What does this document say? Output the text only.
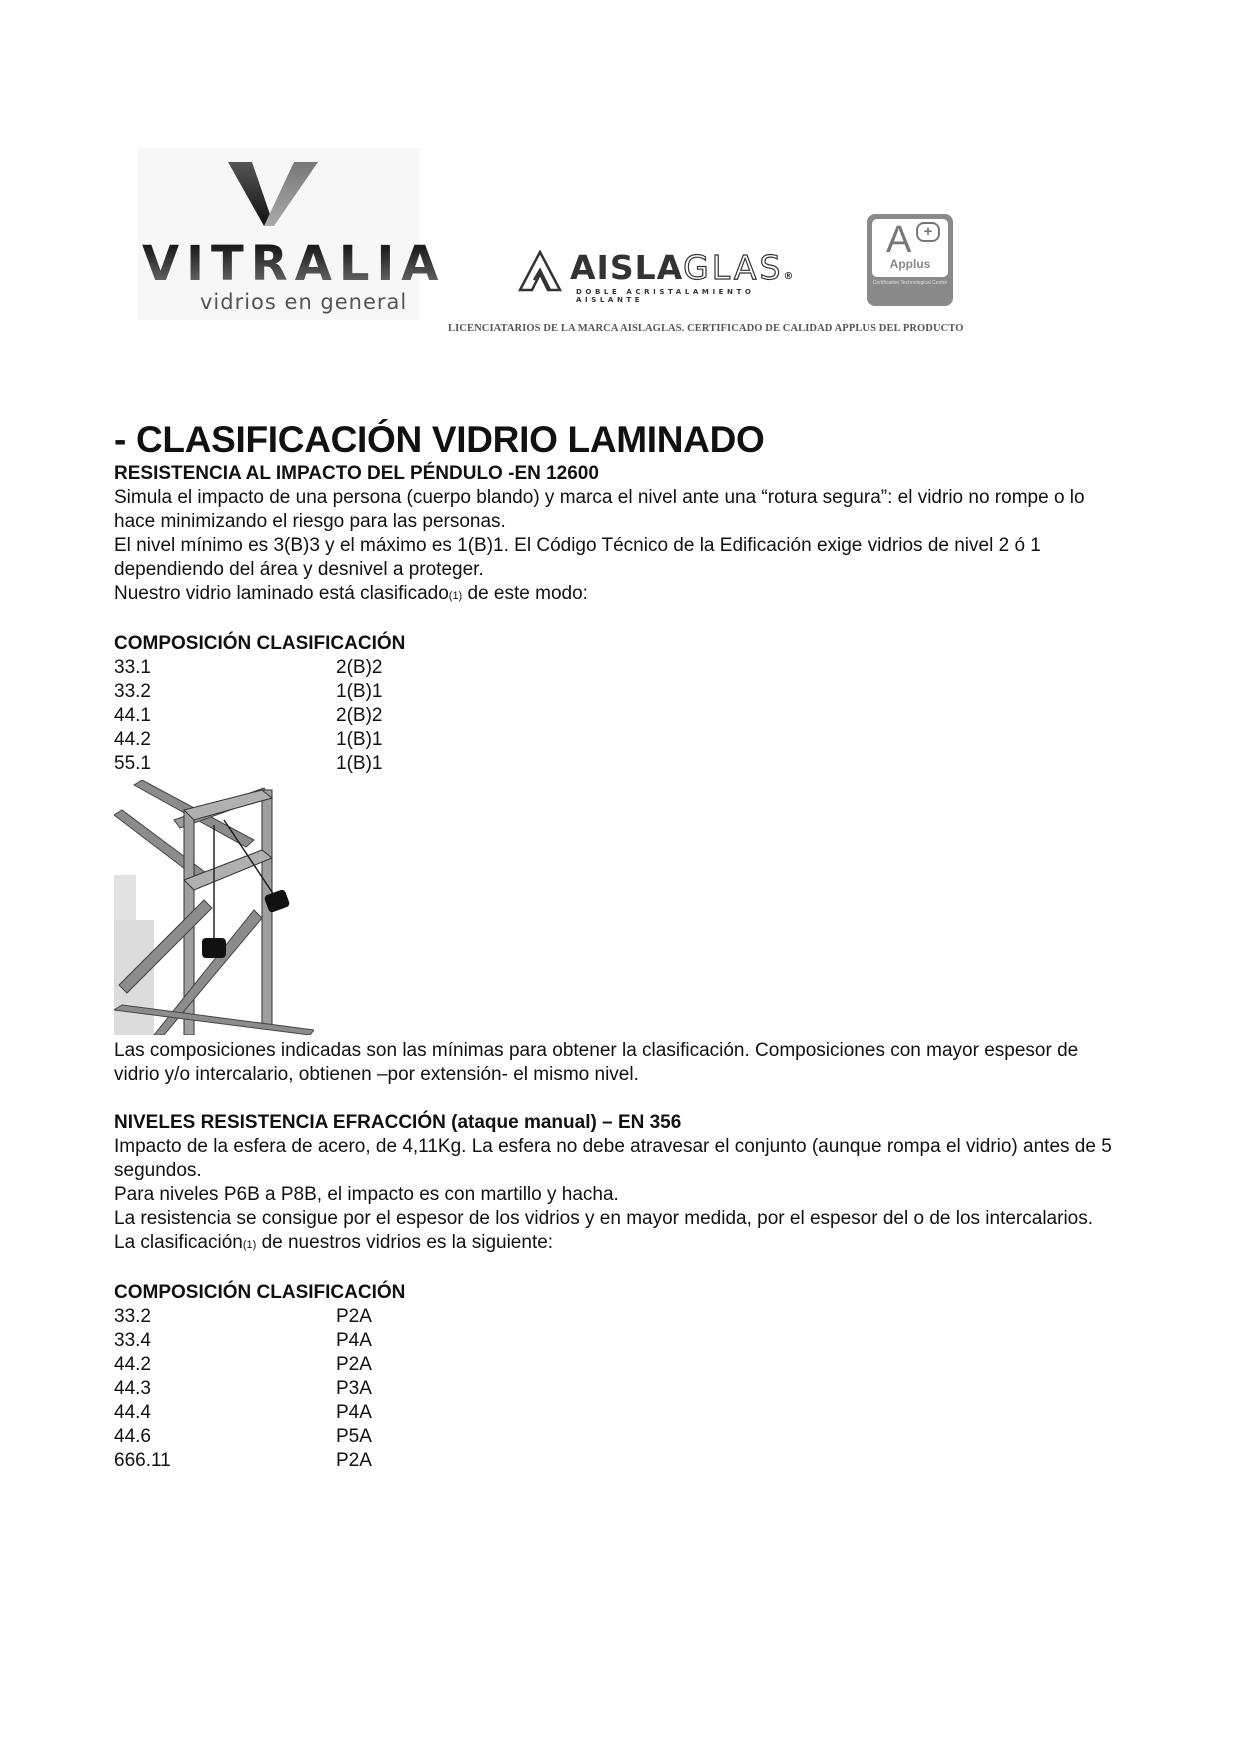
VITRALIA
vidrios en general
AISLAGLAS®
DOBLE ACRISTALAMIENTO AISLANTE
A +
Applus
Certification Technological Centre
LICENCIATARIOS DE LA MARCA AISLAGLAS. CERTIFICADO DE CALIDAD APPLUS DEL PRODUCTO
- CLASIFICACIÓN VIDRIO LAMINADO

RESISTENCIA AL IMPACTO DEL PÉNDULO -EN 12600

Simula el impacto de una persona (cuerpo blando) y marca el nivel ante una “rotura segura”: el vidrio no rompe o lo hace minimizando el riesgo para las personas.

El nivel mínimo es 3(B)3 y el máximo es 1(B)1. El Código Técnico de la Edificación exige vidrios de nivel 2 ó 1 dependiendo del área y desnivel a proteger.

Nuestro vidrio laminado está clasificado(1) de este modo:

COMPOSICIÓN CLASIFICACIÓN	
33.1	2(B)2
33.2	1(B)1
44.1	2(B)2
44.2	1(B)1
55.1	1(B)1

Las composiciones indicadas son las mínimas para obtener la clasificación. Composiciones con mayor espesor de vidrio y/o intercalario, obtienen –por extensión- el mismo nivel.

NIVELES RESISTENCIA EFRACCIÓN (ataque manual) – EN 356

Impacto de la esfera de acero, de 4,11Kg. La esfera no debe atravesar el conjunto (aunque rompa el vidrio) antes de 5 segundos.

Para niveles P6B a P8B, el impacto es con martillo y hacha.

La resistencia se consigue por el espesor de los vidrios y en mayor medida, por el espesor del o de los intercalarios.

La clasificación(1) de nuestros vidrios es la siguiente:

COMPOSICIÓN CLASIFICACIÓN	
33.2	P2A
33.4	P4A
44.2	P2A
44.3	P3A
44.4	P4A
44.6	P5A
666.11	P2A
